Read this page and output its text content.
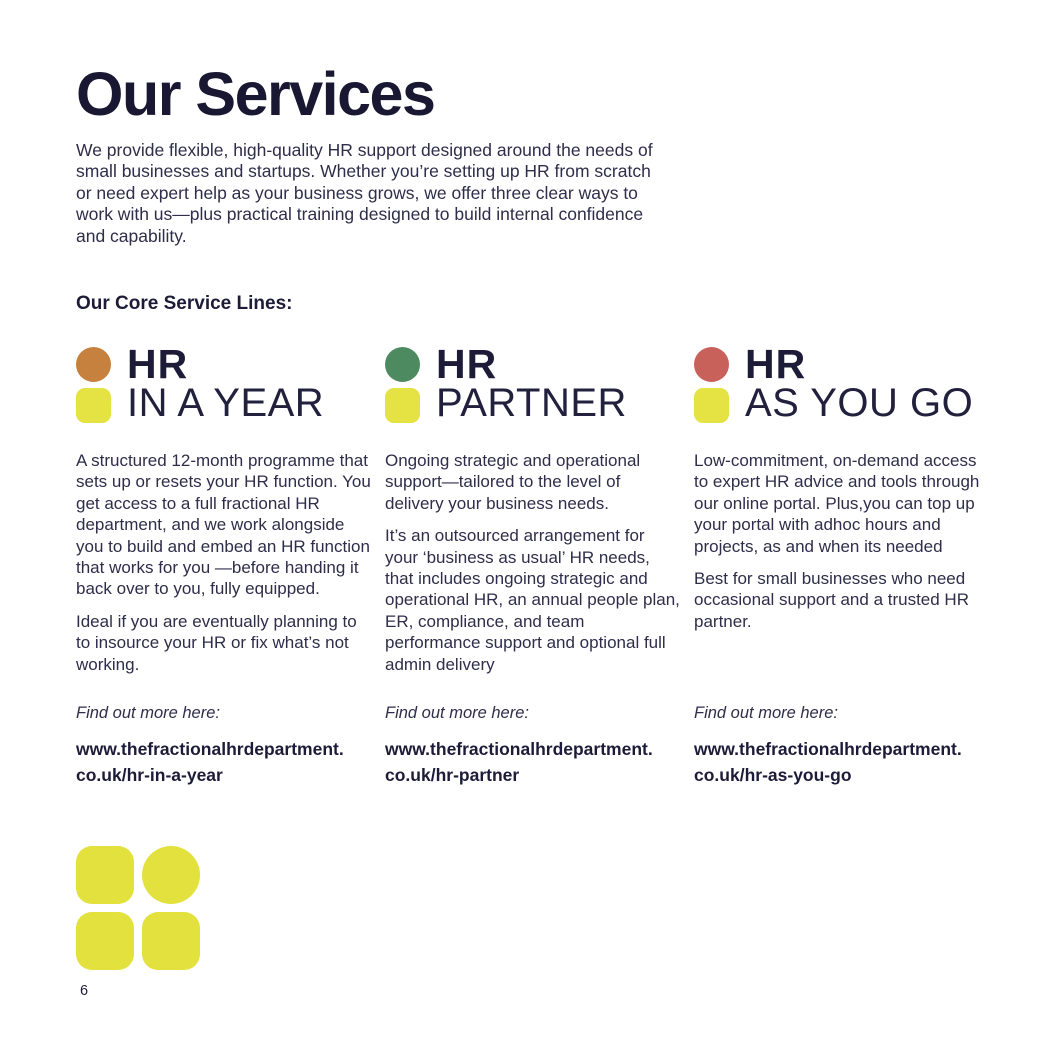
Our Services
We provide flexible, high-quality HR support designed around the needs of small businesses and startups. Whether you’re setting up HR from scratch or need expert help as your business grows, we offer three clear ways to work with us—plus practical training designed to build internal confidence and capability.
Our Core Service Lines:
HR
IN A YEAR

A structured 12-month programme that sets up or resets your HR function. You get access to a full fractional HR department, and we work alongside you to build and embed an HR function that works for you —before handing it back over to you, fully equipped.

Ideal if you are eventually planning to to insource your HR or fix what’s not working.

Find out more here:
www.thefractionalhrdepartment.
co.uk/hr-in-a-year
HR
PARTNER

Ongoing strategic and operational support—tailored to the level of delivery your business needs.

It’s an outsourced arrangement for your ‘business as usual’ HR needs, that includes ongoing strategic and operational HR, an annual people plan, ER, compliance, and team performance support and optional full admin delivery

Find out more here:
www.thefractionalhrdepartment.
co.uk/hr-partner
HR
AS YOU GO

Low-commitment, on-demand access to expert HR advice and tools through our online portal. Plus,you can top up your portal with adhoc hours and projects, as and when its needed

Best for small businesses who need occasional support and a trusted HR partner.

Find out more here:
www.thefractionalhrdepartment.
co.uk/hr-as-you-go
6
